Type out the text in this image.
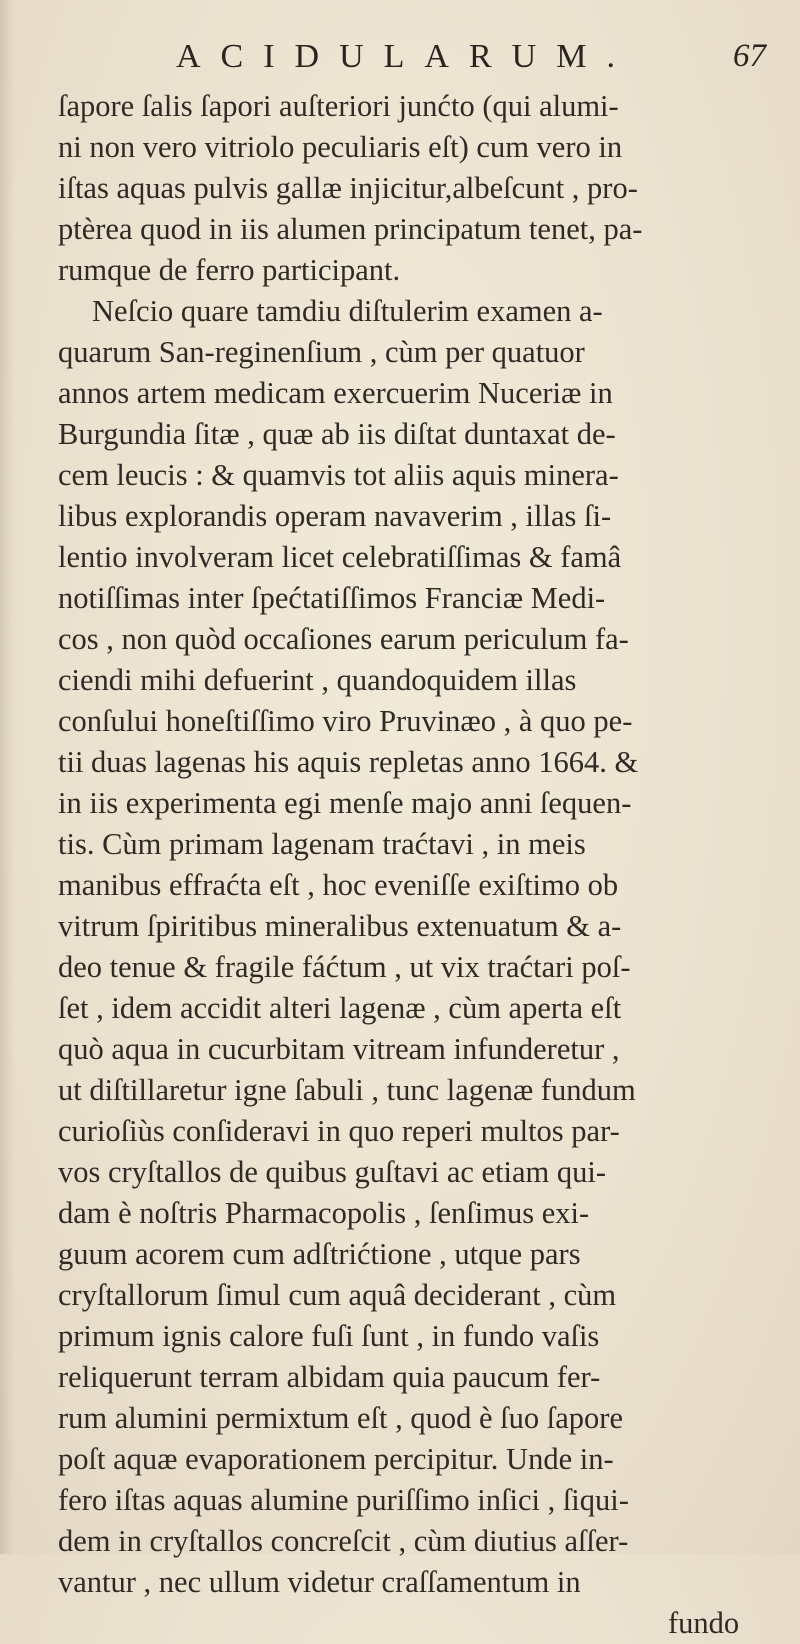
ACIDULARUM.	67
ſapore ſalis ſapori auſteriori junćto (qui alumi-
ni non vero vitriolo peculiaris eſt) cum vero in
iſtas aquas pulvis gallæ injicitur,albeſcunt , pro-
ptèrea quod in iis alumen principatum tenet, pa-
rumque de ferro participant.
Neſcio quare tamdiu diſtulerim examen a-
quarum San-reginenſium , cùm per quatuor
annos artem medicam exercuerim Nuceriæ in
Burgundia ſitæ , quæ ab iis diſtat duntaxat de-
cem leucis : & quamvis tot aliis aquis minera-
libus explorandis operam navaverim , illas ſi-
lentio involveram licet celebratiſſimas & famâ
notiſſimas inter ſpećtatiſſimos Franciæ Medi-
cos , non quòd occaſiones earum periculum fa-
ciendi mihi defuerint , quandoquidem illas
conſului honeſtiſſimo viro Pruvinæo , à quo pe-
tii duas lagenas his aquis repletas anno 1664. &
in iis experimenta egi menſe majo anni ſequen-
tis. Cùm primam lagenam traćtavi , in meis
manibus effraćta eſt , hoc eveniſſe exiſtimo ob
vitrum ſpiritibus mineralibus extenuatum & a-
deo tenue & fragile fáćtum , ut vix traćtari poſ-
ſet , idem accidit alteri lagenæ , cùm aperta eſt
quò aqua in cucurbitam vitream infunderetur ,
ut diſtillaretur igne ſabuli , tunc lagenæ fundum
curioſiùs conſideravi in quo reperi multos par-
vos cryſtallos de quibus guſtavi ac etiam qui-
dam è noſtris Pharmacopolis , ſenſimus exi-
guum acorem cum adſtrićtione , utque pars
cryſtallorum ſimul cum aquâ deciderant , cùm
primum ignis calore fuſi ſunt , in fundo vaſis
reliquerunt terram albidam quia paucum fer-
rum alumini permixtum eſt , quod è ſuo ſapore
poſt aquæ evaporationem percipitur. Unde in-
fero iſtas aquas alumine puriſſimo inſici , ſiqui-
dem in cryſtallos concreſcit , cùm diutius aſſer-
vantur , nec ullum videtur craſſamentum in
fundo
